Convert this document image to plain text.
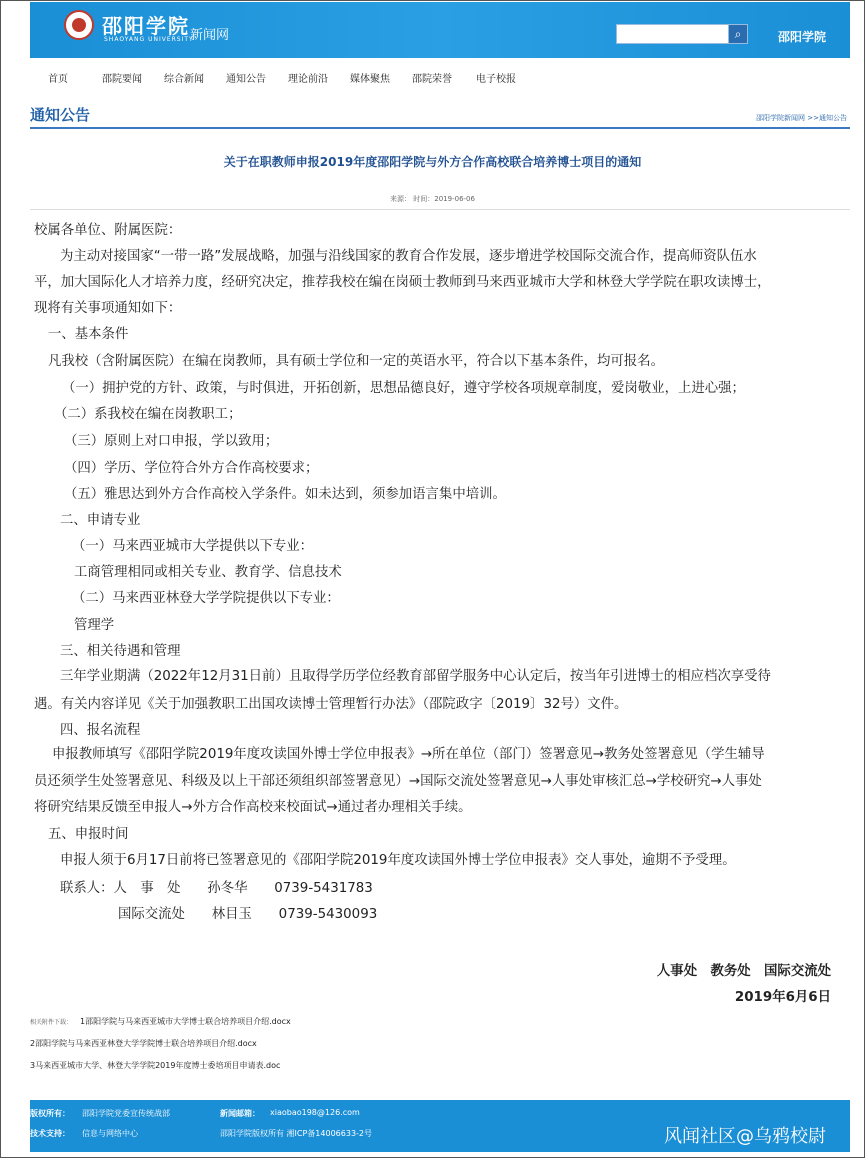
邵阳学院
SHAOYANG UNIVERSITY
新闻网	⌕	邵阳学院
首页	邵院要闻 综合新闻 通知公告 理论前沿 媒体聚焦 邵院荣誉 电子校报
通知公告	邵阳学院新闻网 >>通知公告
关于在职教师申报2019年度邵阳学院与外方合作高校联合培养博士项目的通知
来源： 时间：2019-06-06
校属各单位、附属医院：
为主动对接国家“一带一路”发展战略，加强与沿线国家的教育合作发展，逐步增进学校国际交流合作，提高师资队伍水
平，加大国际化人才培养力度，经研究决定，推荐我校在编在岗硕士教师到马来西亚城市大学和林登大学学院在职攻读博士，
现将有关事项通知如下：
一、基本条件
凡我校（含附属医院）在编在岗教师，具有硕士学位和一定的英语水平，符合以下基本条件，均可报名。
（一）拥护党的方针、政策，与时俱进，开拓创新，思想品德良好，遵守学校各项规章制度，爱岗敬业，上进心强；
（二）系我校在编在岗教职工；
（三）原则上对口申报，学以致用；
（四）学历、学位符合外方合作高校要求；
（五）雅思达到外方合作高校入学条件。如未达到，须参加语言集中培训。
二、申请专业
（一）马来西亚城市大学提供以下专业：
工商管理相同或相关专业、教育学、信息技术
（二）马来西亚林登大学学院提供以下专业：
管理学
三、相关待遇和管理
三年学业期满（2022年12月31日前）且取得学历学位经教育部留学服务中心认定后，按当年引进博士的相应档次享受待
遇。有关内容详见《关于加强教职工出国攻读博士管理暂行办法》（邵院政字〔2019〕32号）文件。
四、报名流程
申报教师填写《邵阳学院2019年度攻读国外博士学位申报表》→所在单位（部门）签署意见→教务处签署意见（学生辅导
员还须学生处签署意见、科级及以上干部还须组织部签署意见）→国际交流处签署意见→人事处审核汇总→学校研究→人事处
将研究结果反馈至申报人→外方合作高校来校面试→通过者办理相关手续。
五、申报时间
申报人须于6月17日前将已签署意见的《邵阳学院2019年度攻读国外博士学位申报表》交人事处，逾期不予受理。
联系人：人　事　处　　孙冬华　　0739-5431783
国际交流处　　林目玉　　0739-5430093
人事处　教务处　国际交流处
2019年6月6日
相关附件下载： 1邵阳学院与马来西亚城市大学博士联合培养项目介绍.docx
2邵阳学院与马来西亚林登大学学院博士联合培养项目介绍.docx
3马来西亚城市大学、林登大学学院2019年度博士委培项目申请表.doc
版权所有： 邵阳学院党委宣传统战部	新闻邮箱： xiaobao198@126.com
技术支持： 信息与网络中心	邵阳学院版权所有 湘ICP备14006633-2号	风闻社区@乌鸦校尉
